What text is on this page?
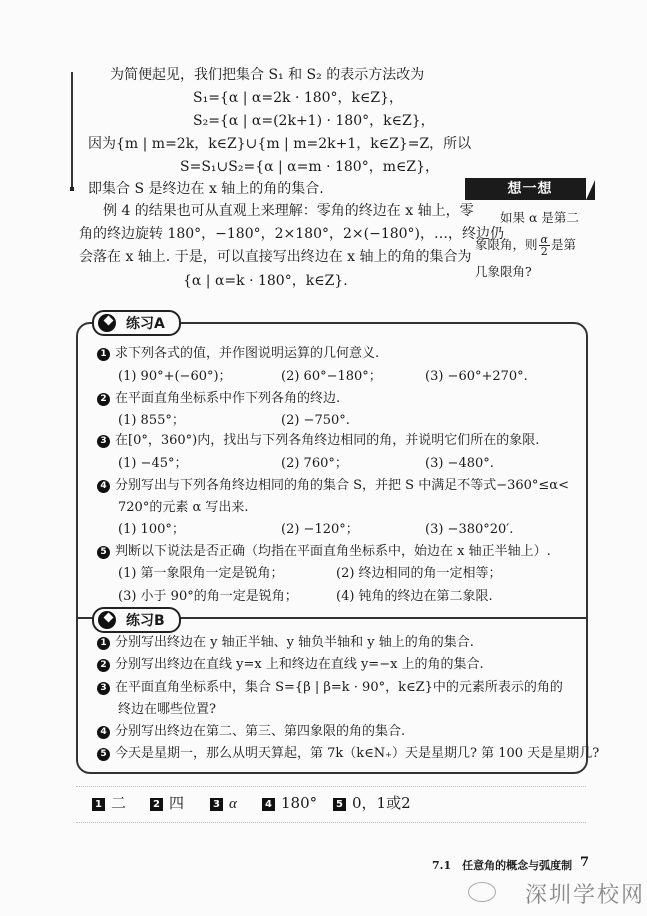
为简便起见，我们把集合 S₁ 和 S₂ 的表示方法改为
S₁={α | α=2k · 180°，k∈Z}，
S₂={α | α=(2k+1) · 180°，k∈Z}，
因为{m | m=2k，k∈Z}∪{m | m=2k+1，k∈Z}=Z，所以
S=S₁∪S₂={α | α=m · 180°，m∈Z}，
即集合 S 是终边在 x 轴上的角的集合.
例 4 的结果也可从直观上来理解：零角的终边在 x 轴上，零
角的终边旋转 180°，−180°，2×180°，2×(−180°)，…，终边仍
会落在 x 轴上. 于是，可以直接写出终边在 x 轴上的角的集合为
{α | α=k · 180°，k∈Z}.
想一想
如果 α 是第二
象限角，则 $\frac{\alpha}{2}$ 是第
几象限角?
练习A
1 求下列各式的值，并作图说明运算的几何意义.
(1) 90°+(−60°)；	(2) 60°−180°；	(3) −60°+270°.
2 在平面直角坐标系中作下列各角的终边.
(1) 855°；	(2) −750°.
3 在[0°，360°)内，找出与下列各角终边相同的角，并说明它们所在的象限.
(1) −45°；	(2) 760°；	(3) −480°.
4 分别写出与下列各角终边相同的角的集合 S，并把 S 中满足不等式−360°≤α<
720°的元素 α 写出来.
(1) 100°；	(2) −120°；	(3) −380°20′.
5 判断以下说法是否正确（均指在平面直角坐标系中，始边在 x 轴正半轴上）.
(1) 第一象限角一定是锐角；	(2) 终边相同的角一定相等；
(3) 小于 90°的角一定是锐角；	(4) 钝角的终边在第二象限.
练习B
1 分别写出终边在 y 轴正半轴、y 轴负半轴和 y 轴上的角的集合.
2 分别写出终边在直线 y=x 上和终边在直线 y=−x 上的角的集合.
3 在平面直角坐标系中，集合 S={β | β=k · 90°，k∈Z}中的元素所表示的角的
终边在哪些位置?
4 分别写出终边在第二、第三、第四象限的角的集合.
5 今天是星期一，那么从明天算起，第 7k（k∈N₊）天是星期几? 第 100 天是星期几?
1 二	2 四	3 α	4 180°	5 0，1或2
7.1　任意角的概念与弧度制 7
深圳学校网
